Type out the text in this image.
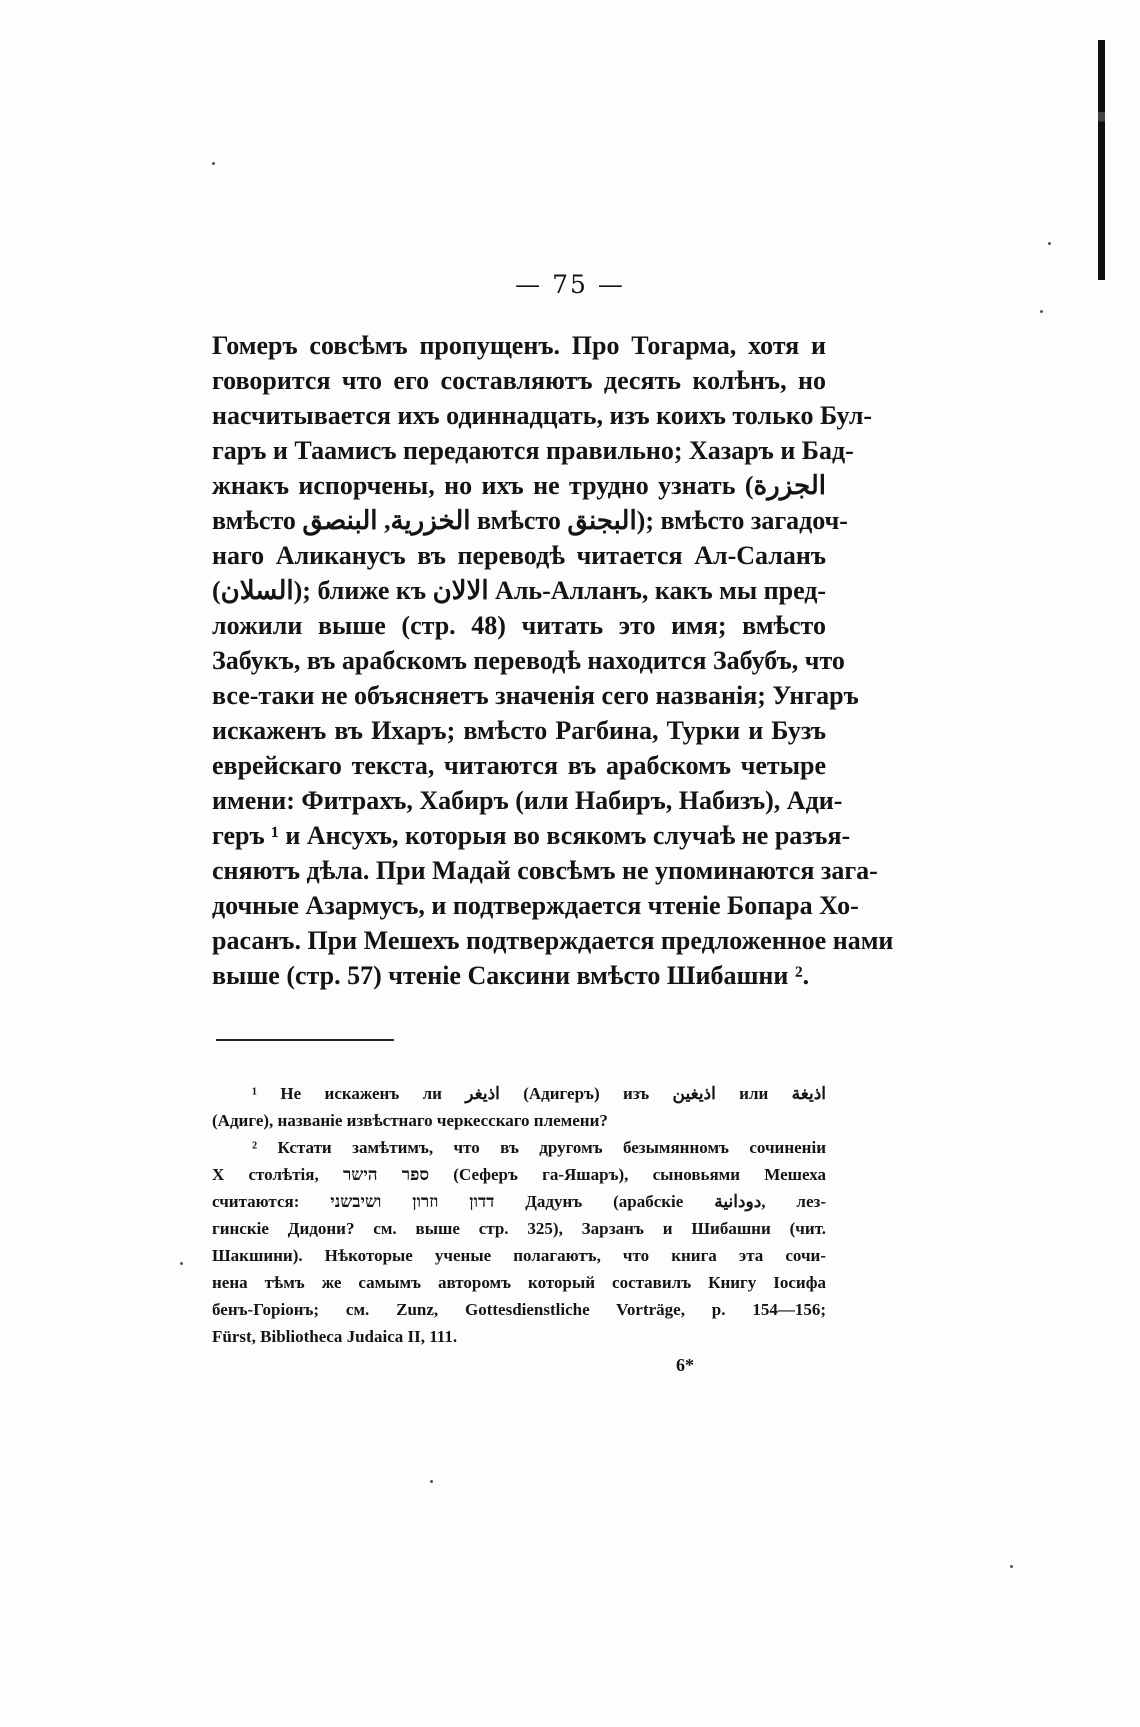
— 75 —
Гомеръ совсѣмъ пропущенъ. Про Тогарма, хотя и
говорится что его составляютъ десять колѣнъ, но
насчитывается ихъ одиннадцать, изъ коихъ только Бул-
гаръ и Таамисъ передаются правильно; Хазаръ и Бад-
жнакъ испорчены, но ихъ не трудно узнать (الجزرة
вмѣсто الخزرية, البنصق вмѣсто البجنق); вмѣсто загадоч-
наго Аликанусъ въ переводѣ читается Ал-Саланъ
(السلان); ближе къ الالان Аль-Алланъ, какъ мы пред-
ложили выше (стр. 48) читать это имя; вмѣсто
Забукъ, въ арабскомъ переводѣ находится Забубъ, что
все-таки не объясняетъ значенія сего названія; Унгаръ
искаженъ въ Ихаръ; вмѣсто Рагбина, Турки и Бузъ
еврейскаго текста, читаются въ арабскомъ четыре
имени: Фитрахъ, Хабиръ (или Набиръ, Набизъ), Ади-
геръ ¹ и Ансухъ, которыя во всякомъ случаѣ не разъя-
сняютъ дѣла. При Мадай совсѣмъ не упоминаются зага-
дочные Азармусъ, и подтверждается чтеніе Бопара Хо-
расанъ. При Мешехъ подтверждается предложенное нами
выше (стр. 57) чтеніе Саксини вмѣсто Шибашни ².
¹ Не искаженъ ли اذيغر (Адигеръ) изъ اذيغين или اذيغة
(Адиге), названіе извѣстнаго черкесскаго племени?
² Кстати замѣтимъ, что въ другомъ безымянномъ сочиненіи
X столѣтія, ספר הישר (Сеферъ га-Яшаръ), сыновьями Мешеха
считаются: דדון וזרון ושיבשני Дадунъ (арабскіе دودانية, лез-
гинскіе Дидони? см. выше стр. 325), Зарзанъ и Шибашни (чит.
Шакшини). Нѣкоторые ученые полагаютъ, что книга эта сочи-
нена тѣмъ же самымъ авторомъ который составилъ Книгу Іосифа
бенъ-Горіонъ; см. Zunz, Gottesdienstliche Vorträge, p. 154—156;
Fürst, Bibliotheca Judaica II, 111.
6*
